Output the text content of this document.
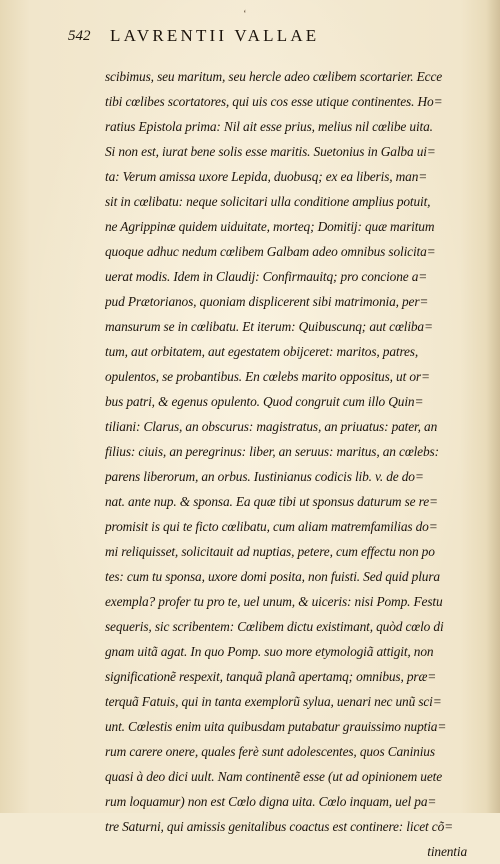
ʻ
542 LAVRENTII VALLAE
scibimus, seu maritum, seu hercle adeo cœlibem scortarier. Ecce
tibi cœlibes scortatores, qui uis cos esse utique continentes. Ho=
ratius Epistola prima: Nil ait esse prius, melius nil cœlibe uita.
Si non est, iurat bene solis esse maritis. Suetonius in Galba ui=
ta: Verum amissa uxore Lepida, duobusq; ex ea liberis, man=
sit in cœlibatu: neque solicitari ulla conditione amplius potuit,
ne Agrippinæ quidem uiduitate, morteq; Domitij: quæ maritum
quoque adhuc nedum cœlibem Galbam adeo omnibus solicita=
uerat modis. Idem in Claudij: Confirmauitq; pro concione a=
pud Prætorianos, quoniam displicerent sibi matrimonia, per=
mansurum se in cœlibatu. Et iterum: Quibuscunq; aut cœliba=
tum, aut orbitatem, aut egestatem obijceret: maritos, patres,
opulentos, se probantibus. En cœlebs marito oppositus, ut or=
bus patri, & egenus opulento. Quod congruit cum illo Quin=
tiliani: Clarus, an obscurus: magistratus, an priuatus: pater, an
filius: ciuis, an peregrinus: liber, an seruus: maritus, an cœlebs:
parens liberorum, an orbus. Iustinianus codicis lib. v. de do=
nat. ante nup. & sponsa. Ea quæ tibi ut sponsus daturum se re=
promisit is qui te ficto cœlibatu, cum aliam matremfamilias do=
mi reliquisset, solicitauit ad nuptias, petere, cum effectu non po
tes: cum tu sponsa, uxore domi posita, non fuisti. Sed quid plura
exempla? profer tu pro te, uel unum, & uiceris: nisi Pomp. Festu
sequeris, sic scribentem: Cœlibem dictu existimant, quòd cœlo di
gnam uitã agat. In quo Pomp. suo more etymologiã attigit, non
significationẽ respexit, tanquã planã apertamq; omnibus, præ=
terquã Fatuis, qui in tanta exemplorũ sylua, uenari nec unũ sci=
unt. Cœlestis enim uita quibusdam putabatur grauissimo nuptia=
rum carere onere, quales ferè sunt adolescentes, quos Caninius
quasi à deo dici uult. Nam continentẽ esse (ut ad opinionem uete
rum loquamur) non est Cœlo digna uita. Cœlo inquam, uel pa=
tre Saturni, qui amissis genitalibus coactus est continere: licet cõ=
tinentia
